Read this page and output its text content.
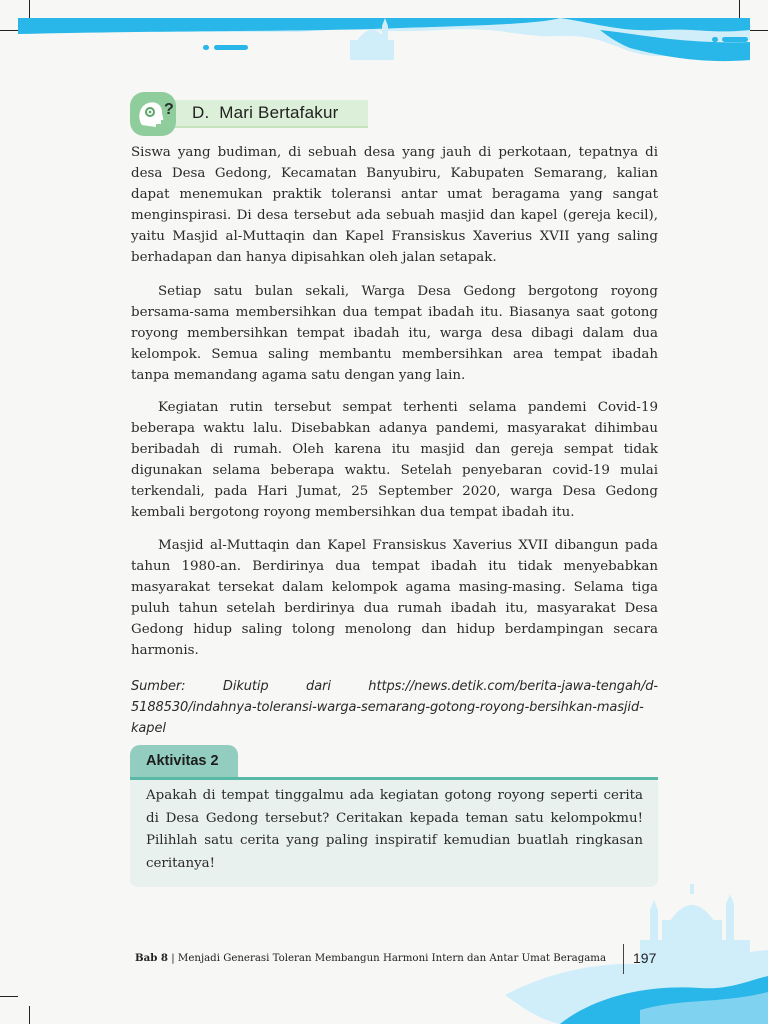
? D. Mari Bertafakur

Siswa yang budiman, di sebuah desa yang jauh di perkotaan, tepatnya di desa Desa Gedong, Kecamatan Banyubiru, Kabupaten Semarang, kalian dapat menemukan praktik toleransi antar umat beragama yang sangat menginspirasi. Di desa tersebut ada sebuah masjid dan kapel (gereja kecil), yaitu Masjid al-Muttaqin dan Kapel Fransiskus Xaverius XVII yang saling berhadapan dan hanya dipisahkan oleh jalan setapak.

Setiap satu bulan sekali, Warga Desa Gedong bergotong royong bersama-sama membersihkan dua tempat ibadah itu. Biasanya saat gotong royong membersihkan tempat ibadah itu, warga desa dibagi dalam dua kelompok. Semua saling membantu membersihkan area tempat ibadah tanpa memandang agama satu dengan yang lain.

Kegiatan rutin tersebut sempat terhenti selama pandemi Covid-19 beberapa waktu lalu. Disebabkan adanya pandemi, masyarakat dihimbau beribadah di rumah. Oleh karena itu masjid dan gereja sempat tidak digunakan selama beberapa waktu. Setelah penyebaran covid-19 mulai terkendali, pada Hari Jumat, 25 September 2020, warga Desa Gedong kembali bergotong royong membersihkan dua tempat ibadah itu.

Masjid al-Muttaqin dan Kapel Fransiskus Xaverius XVII dibangun pada tahun 1980-an. Berdirinya dua tempat ibadah itu tidak menyebabkan masyarakat tersekat dalam kelompok agama masing-masing. Selama tiga puluh tahun setelah berdirinya dua rumah ibadah itu, masyarakat Desa Gedong hidup saling tolong menolong dan hidup berdampingan secara harmonis.

Sumber: Dikutip dari https://news.detik.com/berita-jawa-tengah/d-5188530/indahnya-toleransi-warga-semarang-gotong-royong-bersihkan-masjid-kapel

Aktivitas 2

Apakah di tempat tinggalmu ada kegiatan gotong royong seperti cerita di Desa Gedong tersebut? Ceritakan kepada teman satu kelompokmu! Pilihlah satu cerita yang paling inspiratif kemudian buatlah ringkasan ceritanya!

Bab 8 | Menjadi Generasi Toleran Membangun Harmoni Intern dan Antar Umat Beragama 197
